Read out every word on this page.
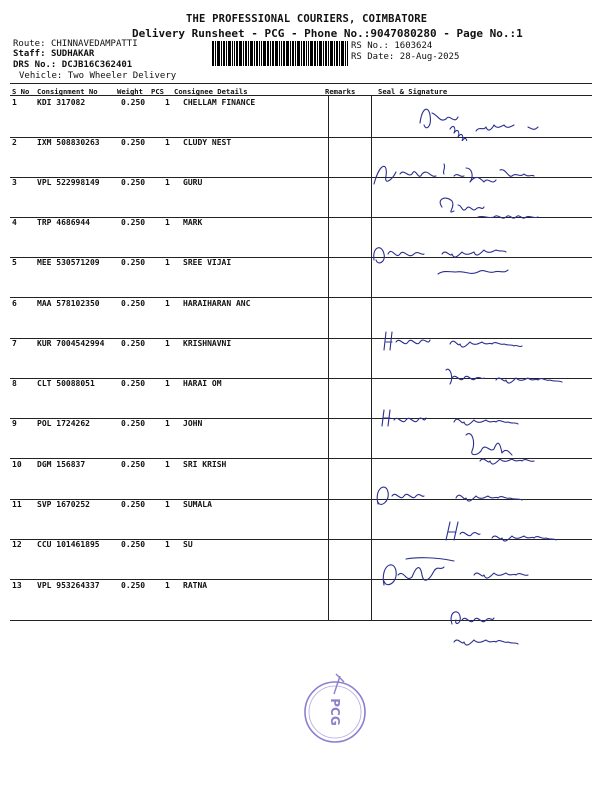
THE PROFESSIONAL COURIERS, COIMBATORE
Delivery Runsheet - PCG - Phone No.:9047080280 - Page No.:1
Route: CHINNAVEDAMPATTI
Staff: SUDHAKAR
DRS No.: DCJB16C362401
Vehicle: Two Wheeler Delivery
RS No.: 1603624
RS Date: 28-Aug-2025
S No Consignment No	Weight PCS Consignee Details	Remarks	Seal & Signature
1	KDI 317082	0.250 1 CHELLAM FINANCE
2	IXM 508830263	0.250 1 CLUDY NEST
3	VPL 522998149	0.250 1 GURU
4	TRP 4686944	0.250 1 MARK
5	MEE 530571209	0.250 1 SREE VIJAI
6	MAA 578102350	0.250 1 HARAIHARAN ANC
7	KUR 7004542994 0.250 1 KRISHNAVNI
8	CLT 50088051	0.250 1 HARAI OM
9	POL 1724262	0.250 1 JOHN
10 DGM 156837	0.250 1 SRI KRISH
11 SVP 1670252	0.250 1 SUMALA
12 CCU 101461895	0.250 1 SU
13 VPL 953264337	0.250 1 RATNA
PCG
